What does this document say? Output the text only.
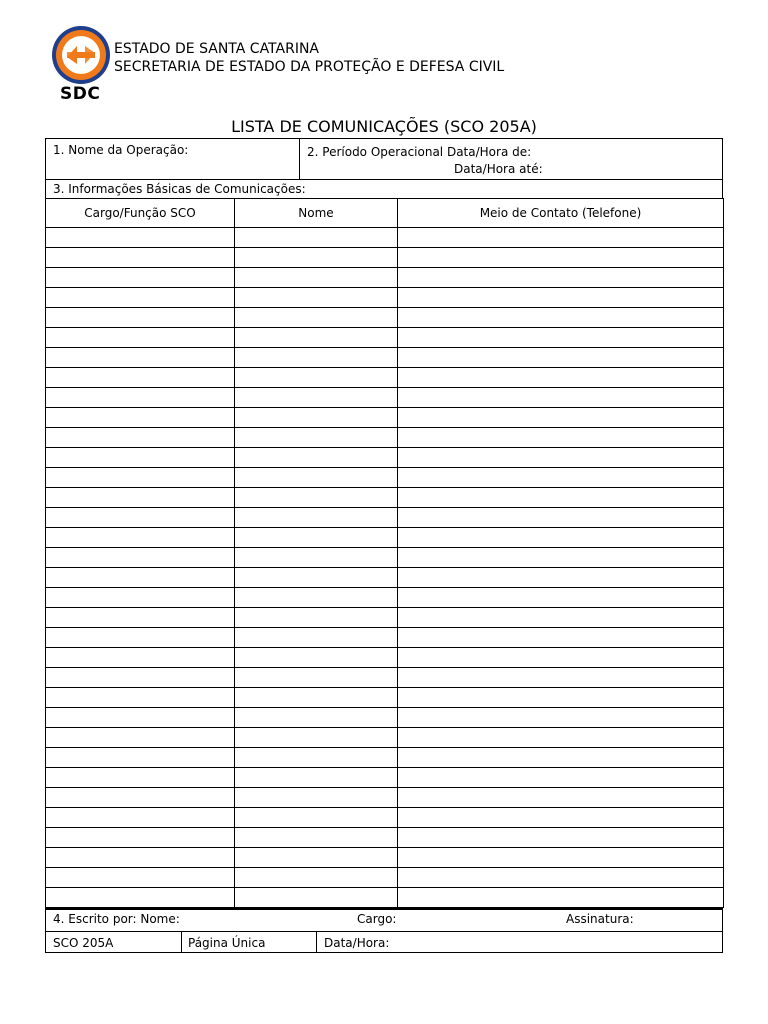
SDC
ESTADO DE SANTA CATARINA
SECRETARIA DE ESTADO DA PROTEÇÃO E DEFESA CIVIL
LISTA DE COMUNICAÇÕES (SCO 205A)
1. Nome da Operação:	2. Período Operacional Data/Hora de:
Data/Hora até:
3. Informações Básicas de Comunicações:
Cargo/Função SCO	Nome	Meio de Contato (Telefone)

4. Escrito por: Nome:	Cargo:	Assinatura:
SCO 205A	Página Única	Data/Hora:
